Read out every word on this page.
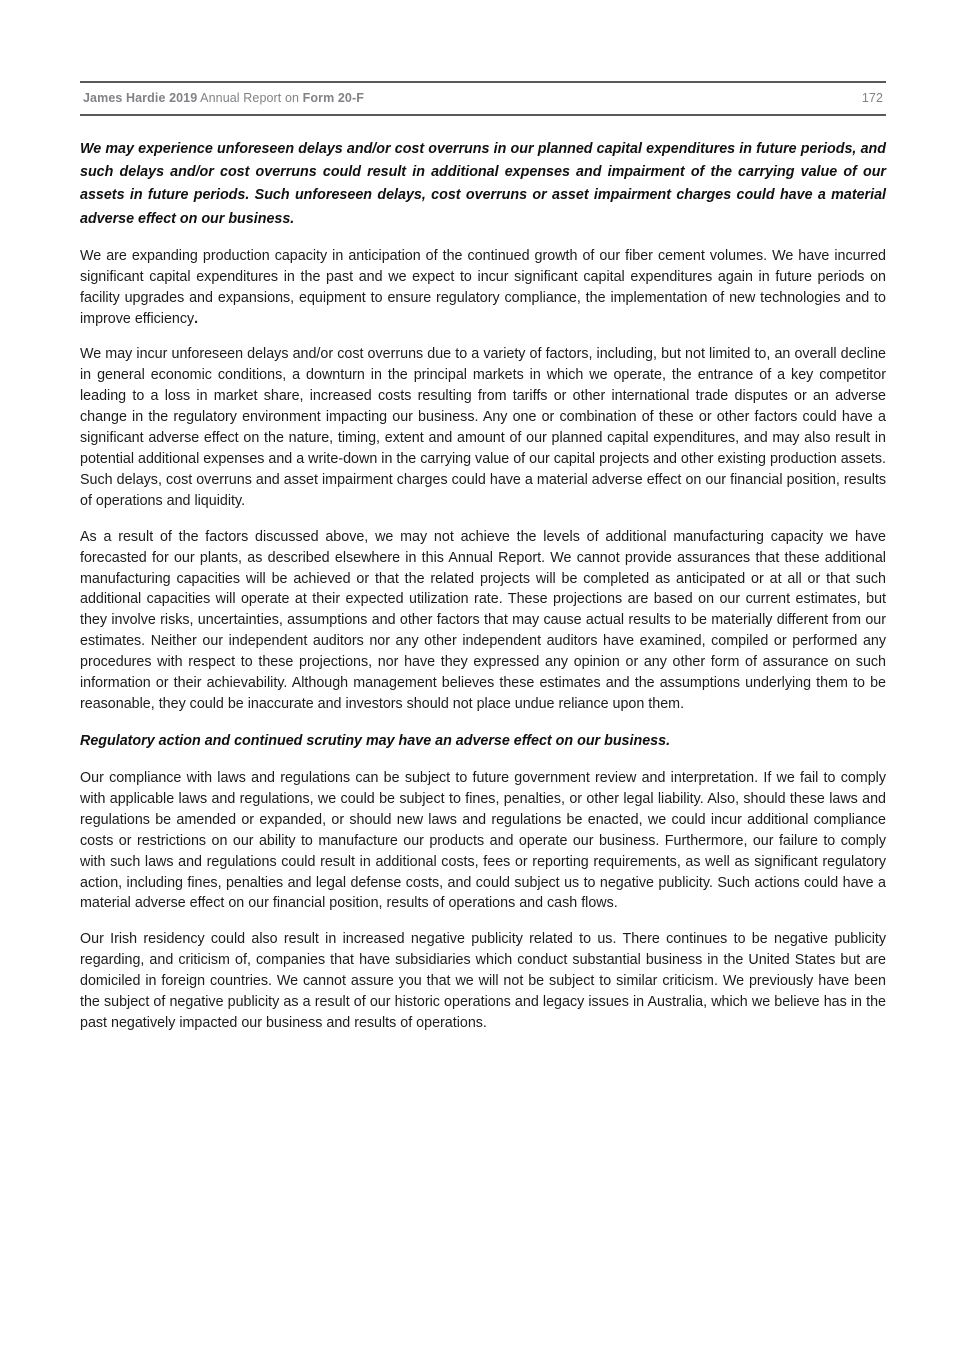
James Hardie 2019 Annual Report on Form 20-F	172

We may experience unforeseen delays and/or cost overruns in our planned capital expenditures in future periods, and such delays and/or cost overruns could result in additional expenses and impairment of the carrying value of our assets in future periods. Such unforeseen delays, cost overruns or asset impairment charges could have a material adverse effect on our business.

We are expanding production capacity in anticipation of the continued growth of our fiber cement volumes. We have incurred significant capital expenditures in the past and we expect to incur significant capital expenditures again in future periods on facility upgrades and expansions, equipment to ensure regulatory compliance, the implementation of new technologies and to improve efficiency.

We may incur unforeseen delays and/or cost overruns due to a variety of factors, including, but not limited to, an overall decline in general economic conditions, a downturn in the principal markets in which we operate, the entrance of a key competitor leading to a loss in market share, increased costs resulting from tariffs or other international trade disputes or an adverse change in the regulatory environment impacting our business. Any one or combination of these or other factors could have a significant adverse effect on the nature, timing, extent and amount of our planned capital expenditures, and may also result in potential additional expenses and a write-down in the carrying value of our capital projects and other existing production assets. Such delays, cost overruns and asset impairment charges could have a material adverse effect on our financial position, results of operations and liquidity.

As a result of the factors discussed above, we may not achieve the levels of additional manufacturing capacity we have forecasted for our plants, as described elsewhere in this Annual Report. We cannot provide assurances that these additional manufacturing capacities will be achieved or that the related projects will be completed as anticipated or at all or that such additional capacities will operate at their expected utilization rate. These projections are based on our current estimates, but they involve risks, uncertainties, assumptions and other factors that may cause actual results to be materially different from our estimates. Neither our independent auditors nor any other independent auditors have examined, compiled or performed any procedures with respect to these projections, nor have they expressed any opinion or any other form of assurance on such information or their achievability. Although management believes these estimates and the assumptions underlying them to be reasonable, they could be inaccurate and investors should not place undue reliance upon them.

Regulatory action and continued scrutiny may have an adverse effect on our business.

Our compliance with laws and regulations can be subject to future government review and interpretation. If we fail to comply with applicable laws and regulations, we could be subject to fines, penalties, or other legal liability. Also, should these laws and regulations be amended or expanded, or should new laws and regulations be enacted, we could incur additional compliance costs or restrictions on our ability to manufacture our products and operate our business. Furthermore, our failure to comply with such laws and regulations could result in additional costs, fees or reporting requirements, as well as significant regulatory action, including fines, penalties and legal defense costs, and could subject us to negative publicity. Such actions could have a material adverse effect on our financial position, results of operations and cash flows.

Our Irish residency could also result in increased negative publicity related to us. There continues to be negative publicity regarding, and criticism of, companies that have subsidiaries which conduct substantial business in the United States but are domiciled in foreign countries. We cannot assure you that we will not be subject to similar criticism. We previously have been the subject of negative publicity as a result of our historic operations and legacy issues in Australia, which we believe has in the past negatively impacted our business and results of operations.
